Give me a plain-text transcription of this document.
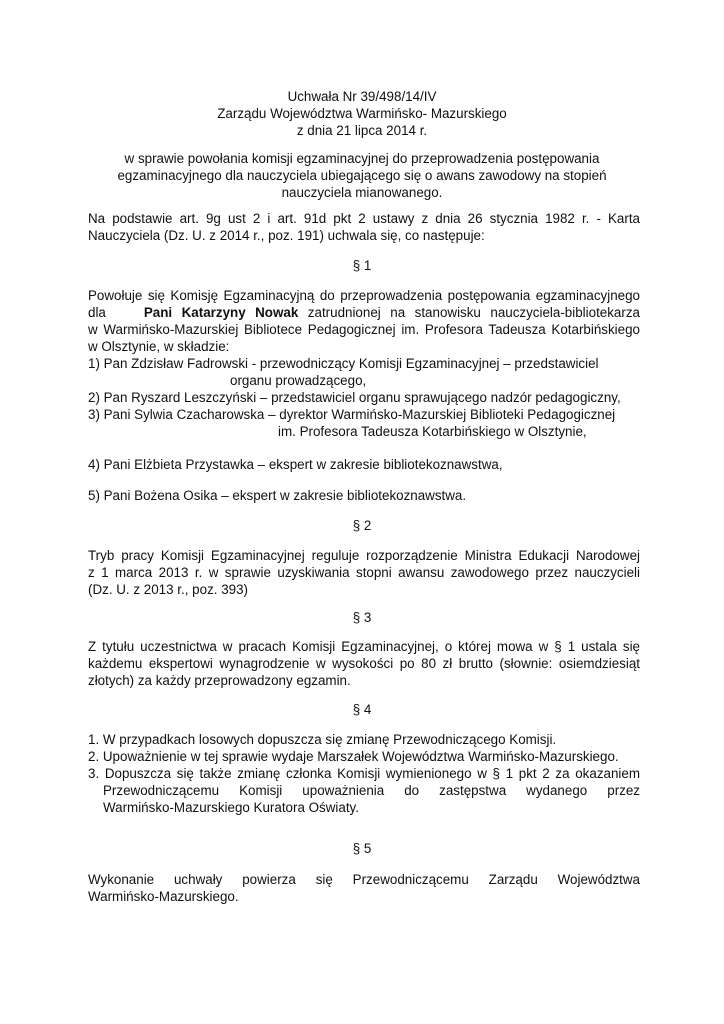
Uchwała Nr 39/498/14/IV
Zarządu Województwa Warmińsko- Mazurskiego
z dnia 21 lipca 2014 r.
w sprawie powołania komisji egzaminacyjnej do przeprowadzenia postępowania
egzaminacyjnego dla nauczyciela ubiegającego się o awans zawodowy na stopień
nauczyciela mianowanego.
Na podstawie art. 9g ust 2 i art. 91d pkt 2 ustawy z dnia 26 stycznia 1982 r. - Karta
Nauczyciela (Dz. U. z 2014 r., poz. 191) uchwala się, co następuje:
§ 1
Powołuje się Komisję Egzaminacyjną do przeprowadzenia postępowania egzaminacyjnego
dla	Pani Katarzyny Nowak zatrudnionej na stanowisku nauczyciela-bibliotekarza
w Warmińsko-Mazurskiej Bibliotece Pedagogicznej im. Profesora Tadeusza Kotarbińskiego
w Olsztynie, w składzie:
1) Pan Zdzisław Fadrowski - przewodniczący Komisji Egzaminacyjnej – przedstawiciel
organu prowadzącego,
2) Pan Ryszard Leszczyński – przedstawiciel organu sprawującego nadzór pedagogiczny,
3) Pani Sylwia Czacharowska – dyrektor Warmińsko-Mazurskiej Biblioteki Pedagogicznej
im. Profesora Tadeusza Kotarbińskiego w Olsztynie,
4) Pani Elżbieta Przystawka – ekspert w zakresie bibliotekoznawstwa,
5) Pani Bożena Osika – ekspert w zakresie bibliotekoznawstwa.
§ 2
Tryb pracy Komisji Egzaminacyjnej reguluje rozporządzenie Ministra Edukacji Narodowej
z 1 marca 2013 r. w sprawie uzyskiwania stopni awansu zawodowego przez nauczycieli
(Dz. U. z 2013 r., poz. 393)
§ 3
Z tytułu uczestnictwa w pracach Komisji Egzaminacyjnej, o której mowa w § 1 ustala się
każdemu ekspertowi wynagrodzenie w wysokości po 80 zł brutto (słownie: osiemdziesiąt
złotych) za każdy przeprowadzony egzamin.
§ 4
1. W przypadkach losowych dopuszcza się zmianę Przewodniczącego Komisji.
2. Upoważnienie w tej sprawie wydaje Marszałek Województwa Warmińsko-Mazurskiego.
3. Dopuszcza się także zmianę członka Komisji wymienionego w § 1 pkt 2 za okazaniem
Przewodniczącemu Komisji upoważnienia do zastępstwa wydanego przez
Warmińsko-Mazurskiego Kuratora Oświaty.
§ 5
Wykonanie uchwały powierza się Przewodniczącemu Zarządu Województwa
Warmińsko-Mazurskiego.
